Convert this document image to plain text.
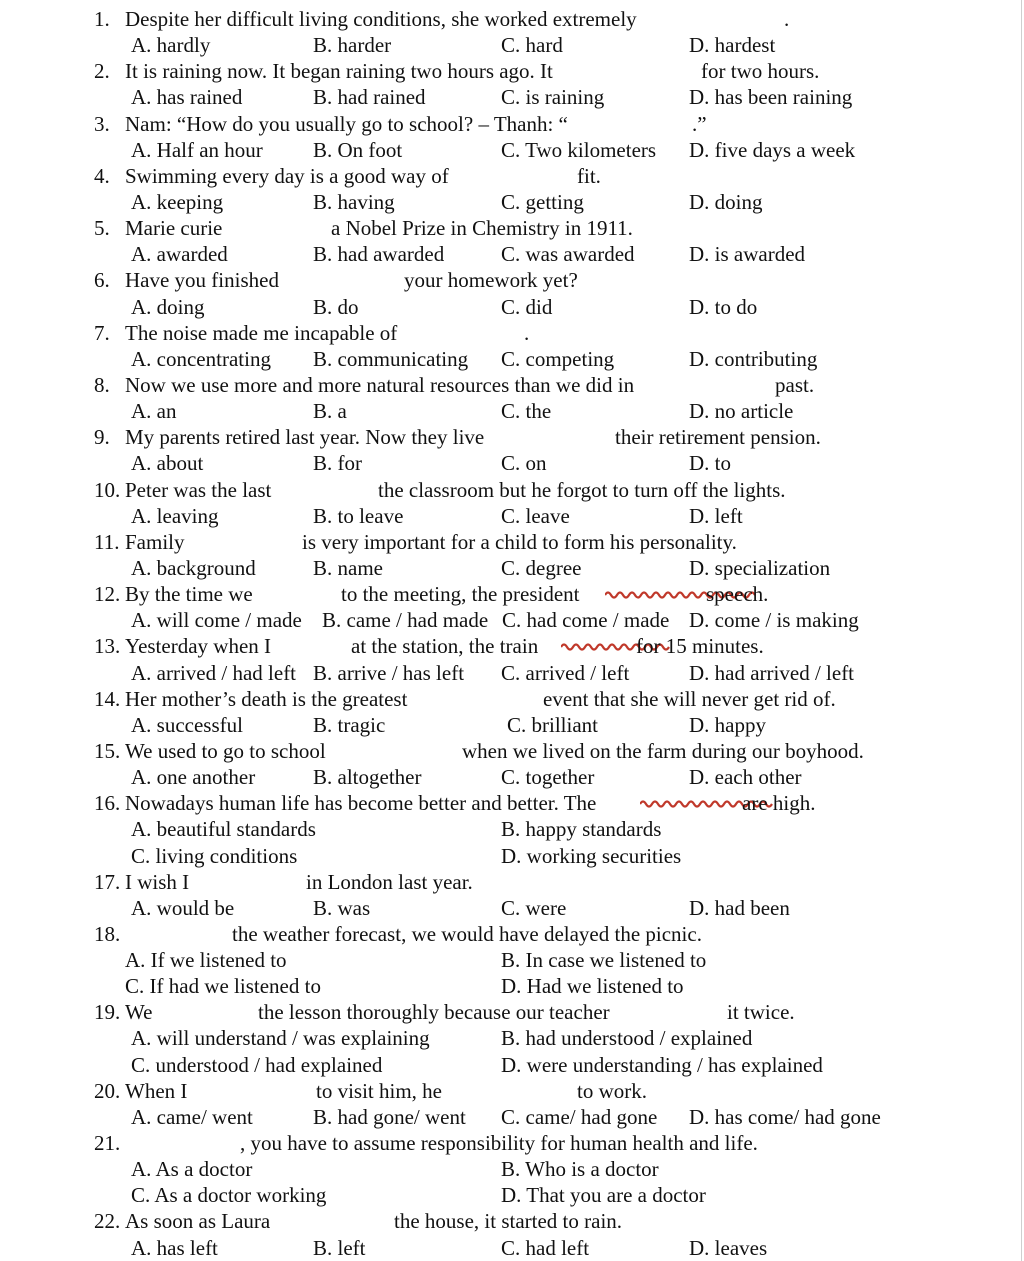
1. Despite her difficult living conditions, she worked extremely	.
A. hardly	B. harder	C. hard	D. hardest
2. It is raining now. It began raining two hours ago. It	for two hours.
A. has rained	B. had rained	C. is raining	D. has been raining
3. Nam: “How do you usually go to school? – Thanh: “	.”
A. Half an hour B. On foot	C. Two kilometers D. five days a week
4. Swimming every day is a good way of	fit.
A. keeping	B. having	C. getting	D. doing
5. Marie curie	a Nobel Prize in Chemistry in 1911.
A. awarded	B. had awarded	C. was awarded	D. is awarded
6. Have you finished	your homework yet?
A. doing	B. do	C. did	D. to do
7. The noise made me incapable of	.
A. concentrating B. communicating C. competing	D. contributing
8. Now we use more and more natural resources than we did in	past.
A. an	B. a	C. the	D. no article
9. My parents retired last year. Now they live	their retirement pension.
A. about	B. for	C. on	D. to
10. Peter was the last	the classroom but he forgot to turn off the lights.
A. leaving	B. to leave	C. leave	D. left
11. Family	is very important for a child to form his personality.
A. background	B. name	C. degree	D. specialization
12. By the time we	to the meeting, the president	speech.
A. will come / made B. came / had made C. had come / made D. come / is making
13. Yesterday when I	at the station, the train	for 15 minutes.
A. arrived / had left B. arrive / has left C. arrived / left	D. had arrived / left
14. Her mother’s death is the greatest	event that she will never get rid of.
A. successful	B. tragic	C. brilliant	D. happy
15. We used to go to school	when we lived on the farm during our boyhood.
A. one another	B. altogether	C. together	D. each other
16. Nowadays human life has become better and better. The	are high.
A. beautiful standards	B. happy standards
C. living conditions	D. working securities
17. I wish I	in London last year.
A. would be	B. was	C. were	D. had been
18.	the weather forecast, we would have delayed the picnic.
A. If we listened to	B. In case we listened to
C. If had we listened to	D. Had we listened to
19. We	the lesson thoroughly because our teacher	it twice.
A. will understand / was explaining	B. had understood / explained
C. understood / had explained	D. were understanding / has explained
20. When I	to visit him, he	to work.
A. came/ went	B. had gone/ went C. came/ had gone D. has come/ had gone
21.	, you have to assume responsibility for human health and life.
A. As a doctor	B. Who is a doctor
C. As a doctor working	D. That you are a doctor
22. As soon as Laura	the house, it started to rain.
A. has left	B. left	C. had left	D. leaves
